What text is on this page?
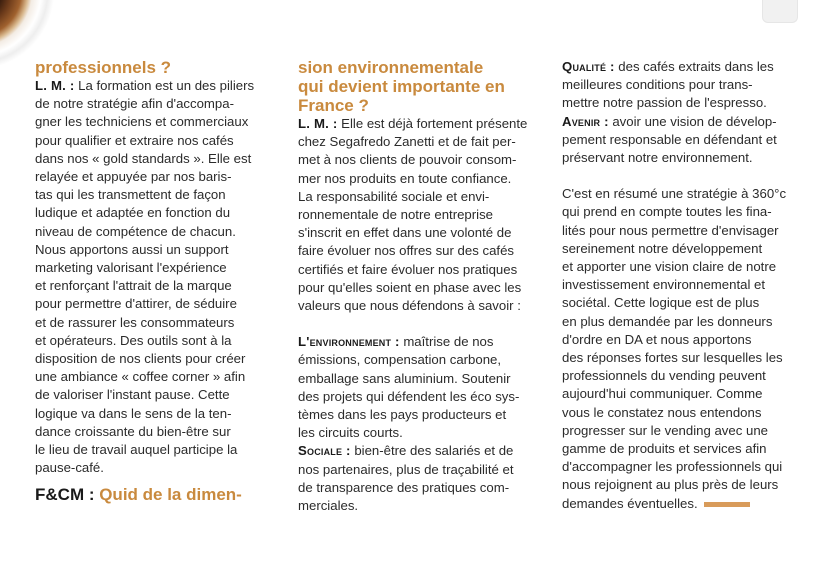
professionnels ?
L. M. : La formation est un des piliers
de notre stratégie afin d'accompa-
gner les techniciens et commerciaux
pour qualifier et extraire nos cafés
dans nos « gold standards ». Elle est
relayée et appuyée par nos baris-
tas qui les transmettent de façon
ludique et adaptée en fonction du
niveau de compétence de chacun.
Nous apportons aussi un support
marketing valorisant l'expérience
et renforçant l'attrait de la marque
pour permettre d'attirer, de séduire
et de rassurer les consommateurs
et opérateurs. Des outils sont à la
disposition de nos clients pour créer
une ambiance « coffee corner » afin
de valoriser l'instant pause. Cette
logique va dans le sens de la ten-
dance croissante du bien-être sur
le lieu de travail auquel participe la
pause-café.
F&CM : Quid de la dimen-
sion environnementale
qui devient importante en
France ?
L. M. : Elle est déjà fortement présente
chez Segafredo Zanetti et de fait per-
met à nos clients de pouvoir consom-
mer nos produits en toute confiance.
La responsabilité sociale et envi-
ronnementale de notre entreprise
s'inscrit en effet dans une volonté de
faire évoluer nos offres sur des cafés
certifiés et faire évoluer nos pratiques
pour qu'elles soient en phase avec les
valeurs que nous défendons à savoir :
L'environnement : maîtrise de nos
émissions, compensation carbone,
emballage sans aluminium. Soutenir
des projets qui défendent les éco sys-
tèmes dans les pays producteurs et
les circuits courts.
Sociale : bien-être des salariés et de
nos partenaires, plus de traçabilité et
de transparence des pratiques com-
merciales.
Qualité : des cafés extraits dans les
meilleures conditions pour trans-
mettre notre passion de l'espresso.
Avenir : avoir une vision de dévelop-
pement responsable en défendant et
préservant notre environnement.
C'est en résumé une stratégie à 360°c
qui prend en compte toutes les fina-
lités pour nous permettre d'envisager
sereinement notre développement
et apporter une vision claire de notre
investissement environnemental et
sociétal. Cette logique est de plus
en plus demandée par les donneurs
d'ordre en DA et nous apportons
des réponses fortes sur lesquelles les
professionnels du vending peuvent
aujourd'hui communiquer. Comme
vous le constatez nous entendons
progresser sur le vending avec une
gamme de produits et services afin
d'accompagner les professionnels qui
nous rejoignent au plus près de leurs
demandes éventuelles.
